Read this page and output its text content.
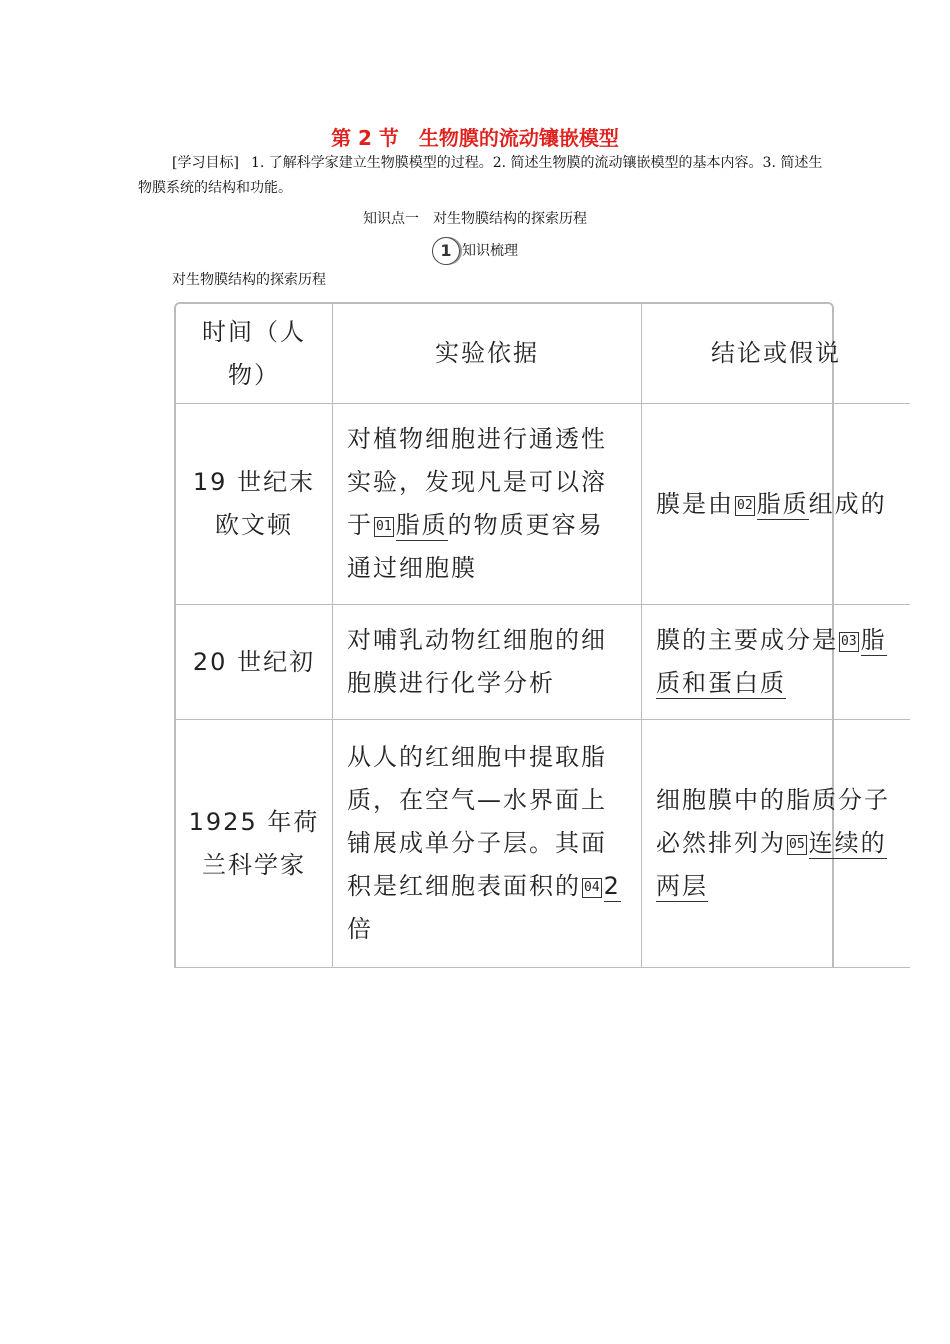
第 2 节　生物膜的流动镶嵌模型
[学习目标] 1. 了解科学家建立生物膜模型的过程。2. 简述生物膜的流动镶嵌模型的基本内容。3. 简述生物膜系统的结构和功能。
知识点一 对生物膜结构的探索历程
1 知识梳理
对生物膜结构的探索历程
时间（人物）	实验依据	结论或假说
19 世纪末欧文顿	对植物细胞进行通透性实验，发现凡是可以溶于 01 脂质的物质更容易通过细胞膜	膜是由 02 脂质组成的
20 世纪初	对哺乳动物红细胞的细胞膜进行化学分析	膜的主要成分是 03 脂质和蛋白质
1925 年荷兰科学家	从人的红细胞中提取脂质，在空气—水界面上铺展成单分子层。其面积是红细胞表面积的 04 2 倍	细胞膜中的脂质分子必然排列为 05 连续的两层
